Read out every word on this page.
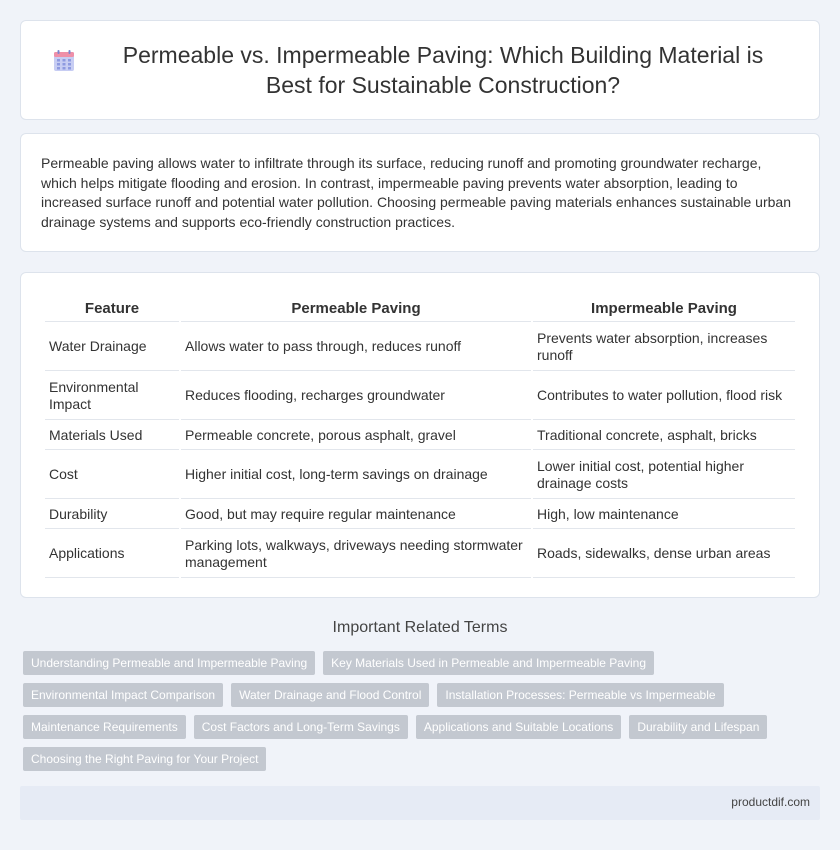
Permeable vs. Impermeable Paving: Which Building Material is Best for Sustainable Construction?

Permeable paving allows water to infiltrate through its surface, reducing runoff and promoting groundwater recharge, which helps mitigate flooding and erosion. In contrast, impermeable paving prevents water absorption, leading to increased surface runoff and potential water pollution. Choosing permeable paving materials enhances sustainable urban drainage systems and supports eco-friendly construction practices.

Feature	Permeable Paving	Impermeable Paving
Water Drainage	Allows water to pass through, reduces runoff	Prevents water absorption, increases runoff
Environmental Impact	Reduces flooding, recharges groundwater	Contributes to water pollution, flood risk
Materials Used	Permeable concrete, porous asphalt, gravel	Traditional concrete, asphalt, bricks
Cost	Higher initial cost, long-term savings on drainage	Lower initial cost, potential higher drainage costs
Durability	Good, but may require regular maintenance	High, low maintenance
Applications	Parking lots, walkways, driveways needing stormwater management	Roads, sidewalks, dense urban areas
Important Related Terms
Understanding Permeable and Impermeable Paving	Key Materials Used in Permeable and Impermeable Paving
Environmental Impact Comparison	Water Drainage and Flood Control	Installation Processes: Permeable vs Impermeable
Maintenance Requirements	Cost Factors and Long-Term Savings	Applications and Suitable Locations	Durability and Lifespan
Choosing the Right Paving for Your Project
productdif.com
